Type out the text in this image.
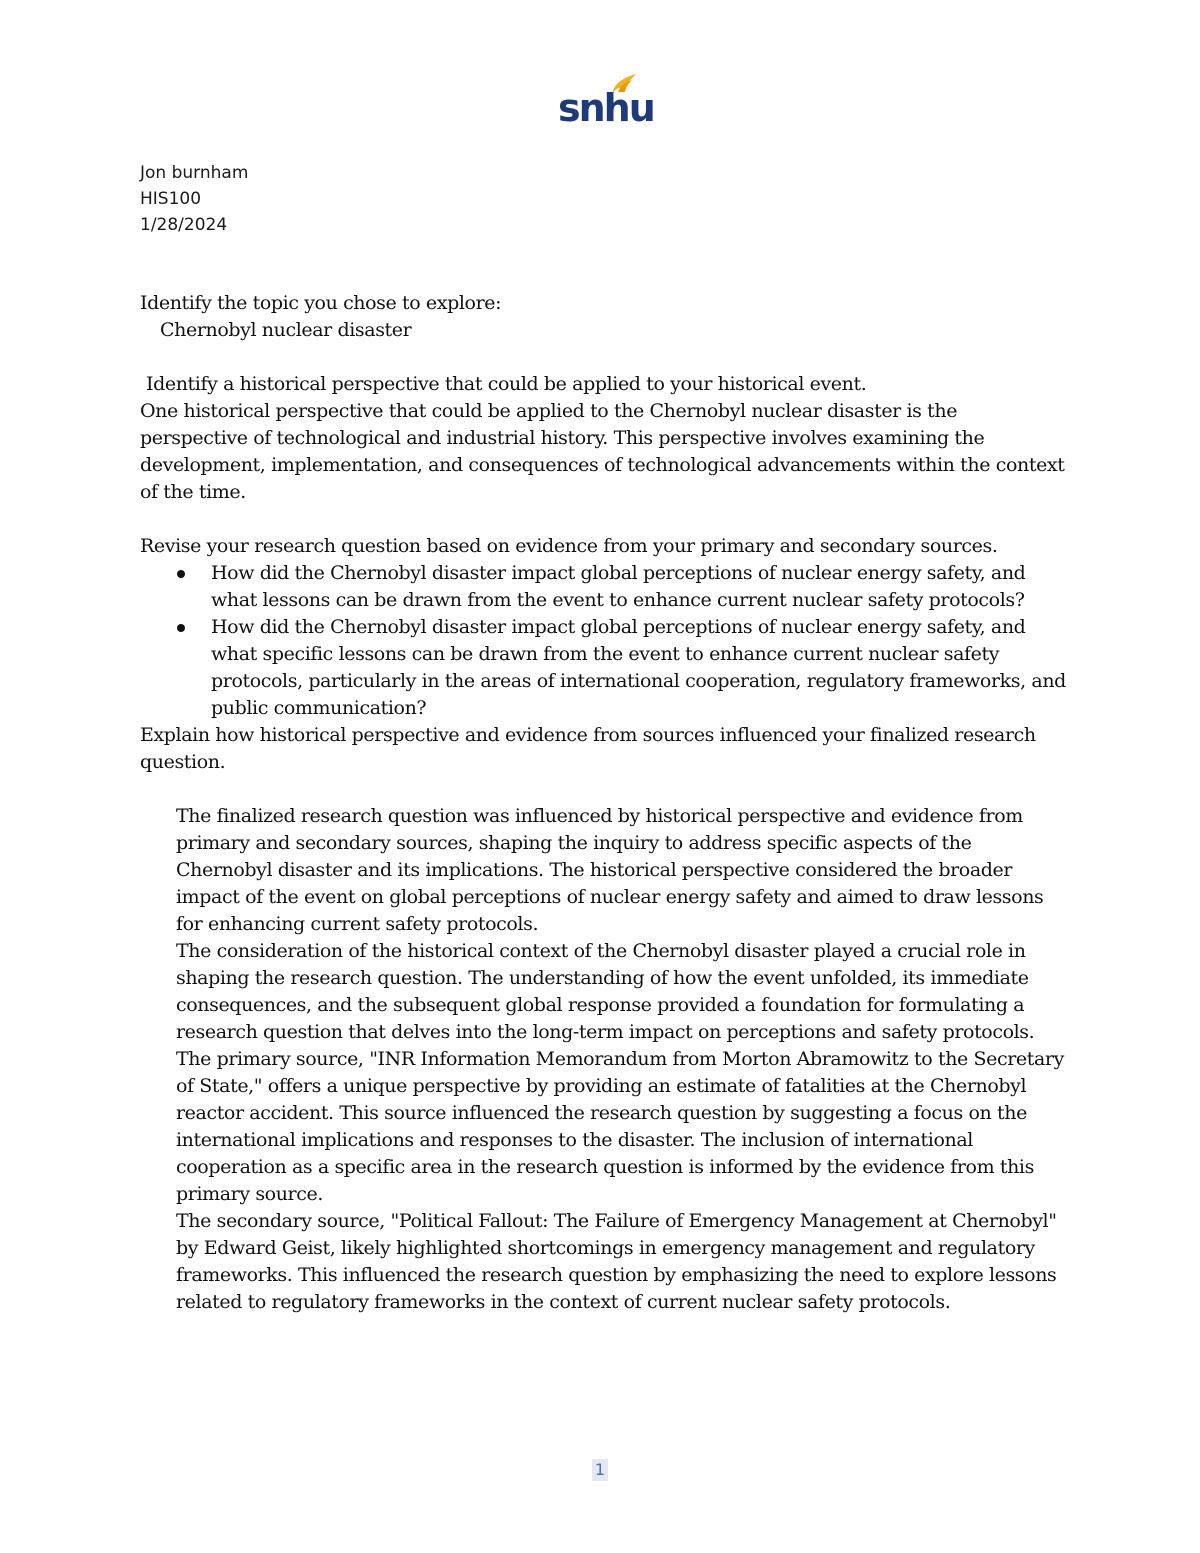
snhu
Jon burnham
HIS100
1/28/2024

Identify the topic you chose to explore:

Chernobyl nuclear disaster

Identify a historical perspective that could be applied to your historical event.

One historical perspective that could be applied to the Chernobyl nuclear disaster is the perspective of technological and industrial history. This perspective involves examining the development, implementation, and consequences of technological advancements within the context of the time.

Revise your research question based on evidence from your primary and secondary sources.

How did the Chernobyl disaster impact global perceptions of nuclear energy safety, and what lessons can be drawn from the event to enhance current nuclear safety protocols?
How did the Chernobyl disaster impact global perceptions of nuclear energy safety, and what specific lessons can be drawn from the event to enhance current nuclear safety protocols, particularly in the areas of international cooperation, regulatory frameworks, and public communication?

Explain how historical perspective and evidence from sources influenced your finalized research question.

The finalized research question was influenced by historical perspective and evidence from primary and secondary sources, shaping the inquiry to address specific aspects of the Chernobyl disaster and its implications. The historical perspective considered the broader impact of the event on global perceptions of nuclear energy safety and aimed to draw lessons for enhancing current safety protocols.

The consideration of the historical context of the Chernobyl disaster played a crucial role in shaping the research question. The understanding of how the event unfolded, its immediate consequences, and the subsequent global response provided a foundation for formulating a research question that delves into the long-term impact on perceptions and safety protocols.

The primary source, "INR Information Memorandum from Morton Abramowitz to the Secretary of State," offers a unique perspective by providing an estimate of fatalities at the Chernobyl reactor accident. This source influenced the research question by suggesting a focus on the international implications and responses to the disaster. The inclusion of international cooperation as a specific area in the research question is informed by the evidence from this primary source.

The secondary source, "Political Fallout: The Failure of Emergency Management at Chernobyl" by Edward Geist, likely highlighted shortcomings in emergency management and regulatory frameworks. This influenced the research question by emphasizing the need to explore lessons related to regulatory frameworks in the context of current nuclear safety protocols.

1
